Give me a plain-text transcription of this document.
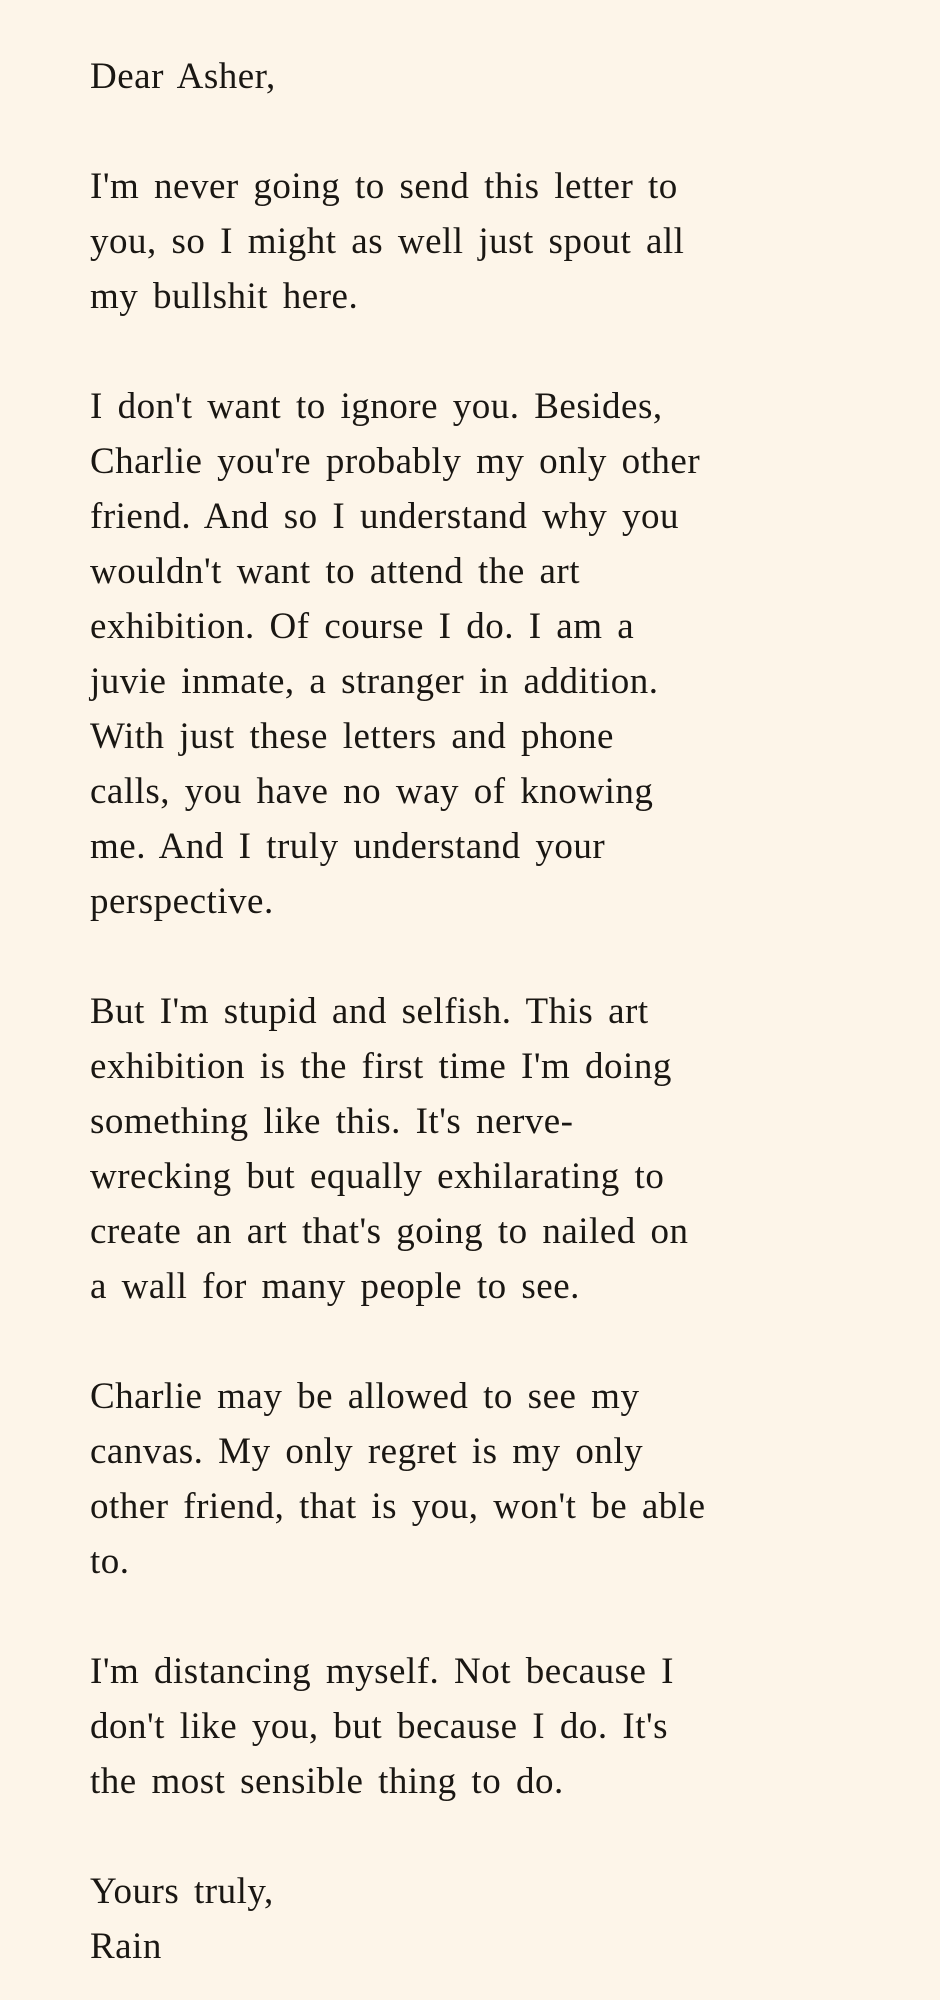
Dear Asher,
I'm never going to send this letter to
you, so I might as well just spout all
my bullshit here.
I don't want to ignore you. Besides,
Charlie you're probably my only other
friend. And so I understand why you
wouldn't want to attend the art
exhibition. Of course I do. I am a
juvie inmate, a stranger in addition.
With just these letters and phone
calls, you have no way of knowing
me. And I truly understand your
perspective.
But I'm stupid and selfish. This art
exhibition is the first time I'm doing
something like this. It's nerve-
wrecking but equally exhilarating to
create an art that's going to nailed on
a wall for many people to see.
Charlie may be allowed to see my
canvas. My only regret is my only
other friend, that is you, won't be able
to.
I'm distancing myself. Not because I
don't like you, but because I do. It's
the most sensible thing to do.
Yours truly,
Rain
